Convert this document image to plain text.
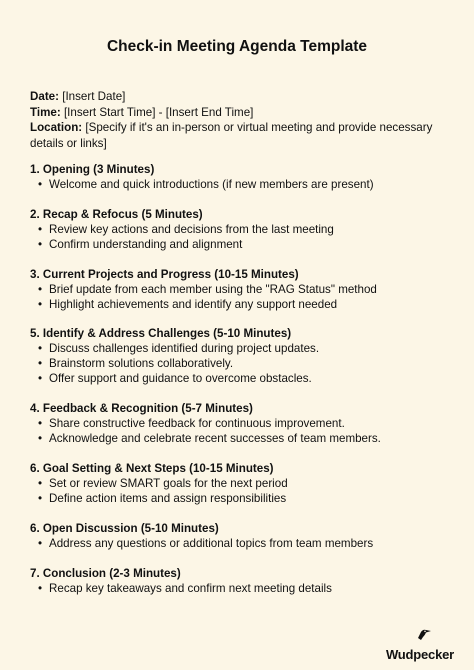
Check-in Meeting Agenda Template

Date: [Insert Date]

Time: [Insert Start Time] - [Insert End Time]

Location: [Specify if it's an in-person or virtual meeting and provide necessary details or links]

1. Opening (3 Minutes)
• Welcome and quick introductions (if new members are present)
2. Recap & Refocus (5 Minutes)
• Review key actions and decisions from the last meeting
• Confirm understanding and alignment
3. Current Projects and Progress (10-15 Minutes)
• Brief update from each member using the "RAG Status" method
• Highlight achievements and identify any support needed
5. Identify & Address Challenges (5-10 Minutes)
• Discuss challenges identified during project updates.
• Brainstorm solutions collaboratively.
• Offer support and guidance to overcome obstacles.
4. Feedback & Recognition (5-7 Minutes)
• Share constructive feedback for continuous improvement.
• Acknowledge and celebrate recent successes of team members.
6. Goal Setting & Next Steps (10-15 Minutes)
• Set or review SMART goals for the next period
• Define action items and assign responsibilities
6. Open Discussion (5-10 Minutes)
• Address any questions or additional topics from team members
7. Conclusion (2-3 Minutes)
• Recap key takeaways and confirm next meeting details
Wudpecker
